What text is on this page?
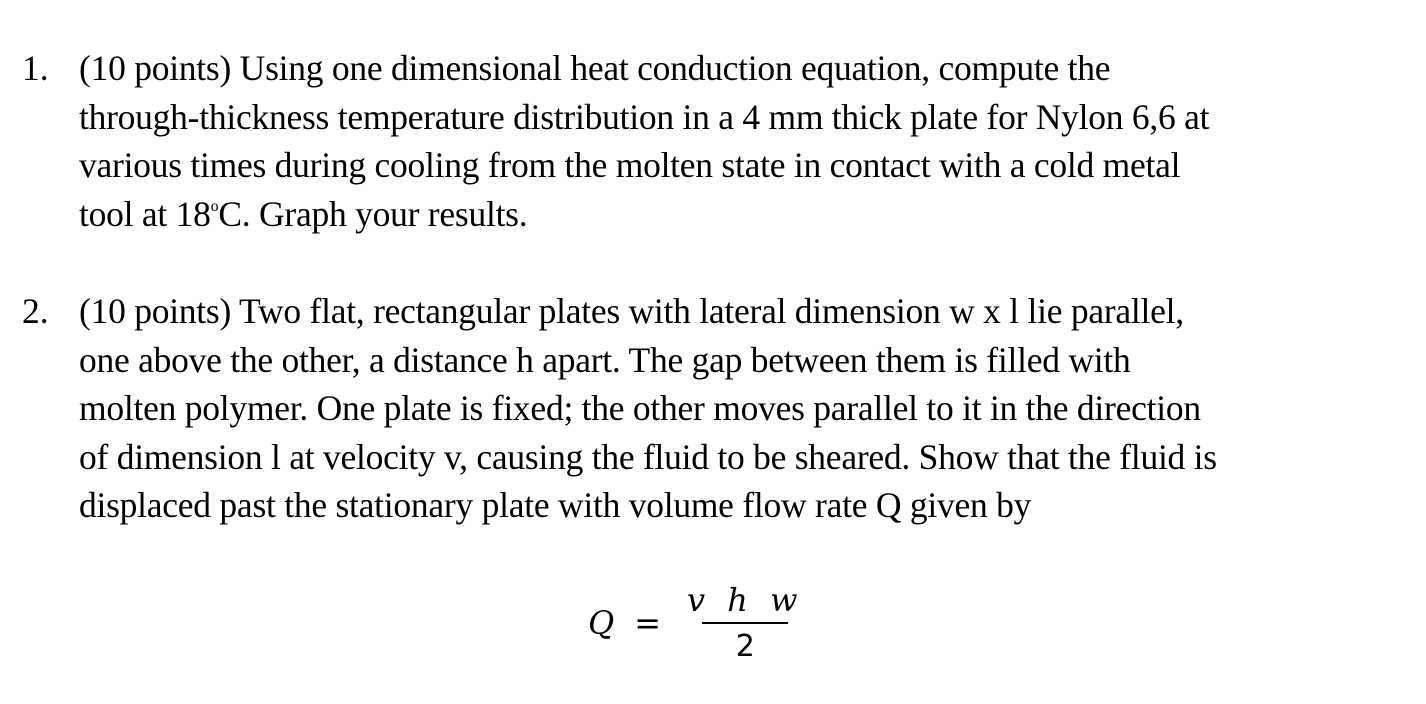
1. (10 points) Using one dimensional heat conduction equation, compute the
through-thickness temperature distribution in a 4 mm thick plate for Nylon 6,6 at
various times during cooling from the molten state in contact with a cold metal
tool at 18$^o$C. Graph your results.
2. (10 points) Two flat, rectangular plates with lateral dimension w x l lie parallel,
one above the other, a distance h apart. The gap between them is filled with
molten polymer. One plate is fixed; the other moves parallel to it in the direction
of dimension l at velocity v, causing the fluid to be sheared. Show that the fluid is
displaced past the stationary plate with volume flow rate Q given by
$Q = \frac{\text{v h w}}{2}$
